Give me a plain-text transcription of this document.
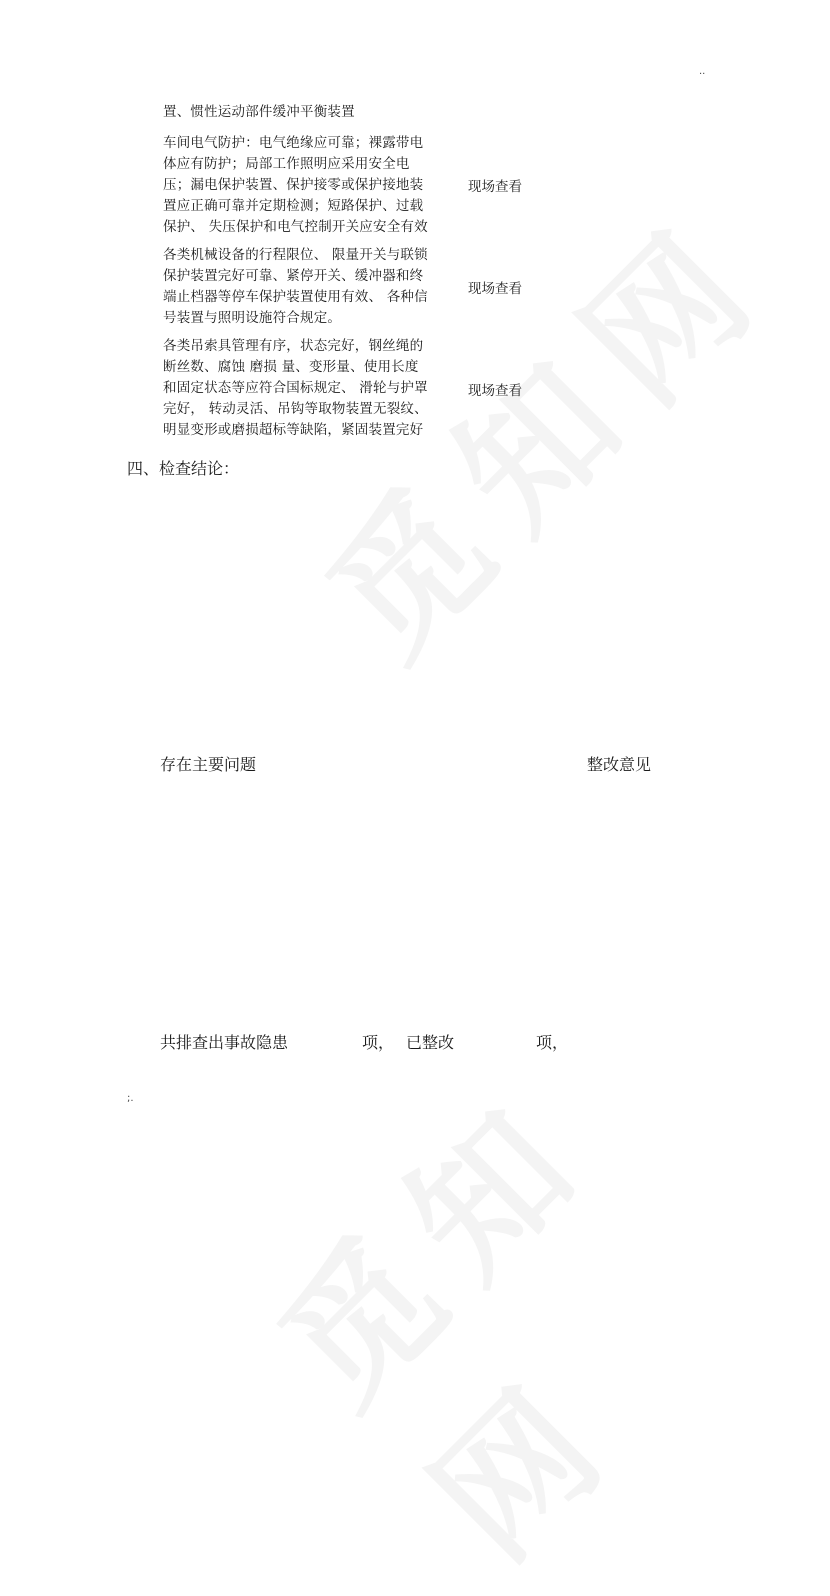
..
置、惯性运动部件缓冲平衡装置
车间电气防护：电气绝缘应可靠；裸露带电
体应有防护；局部工作照明应采用安全电
压；漏电保护装置、保护接零或保护接地装
置应正确可靠并定期检测；短路保护、过载
保护、 失压保护和电气控制开关应安全有效
现场查看
各类机械设备的行程限位、 限量开关与联锁
保护装置完好可靠、紧停开关、缓冲器和终
端止档器等停车保护装置使用有效、 各种信
号装置与照明设施符合规定。
现场查看
各类吊索具管理有序，状态完好，钢丝绳的
断丝数、腐蚀 磨损 量、变形量、使用长度
和固定状态等应符合国标规定、 滑轮与护罩
完好， 转动灵活、吊钩等取物装置无裂纹、
明显变形或磨损超标等缺陷，紧固装置完好
现场查看
四、检查结论：
存在主要问题	整改意见
共排查出事故隐患	项， 已整改	项，
;.
